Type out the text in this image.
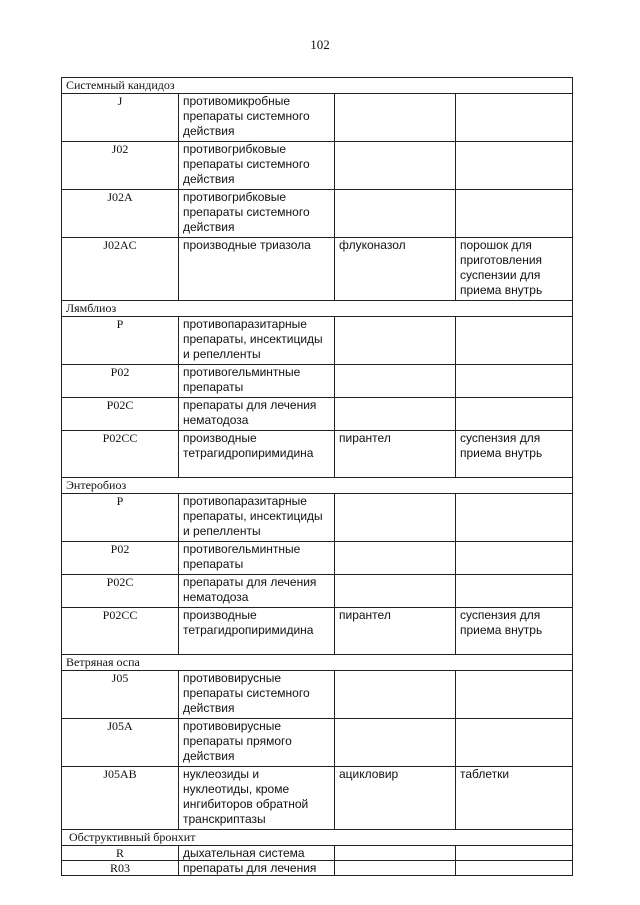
102
Системный кандидоз			
J	противомикробные препараты системного действия		
J02	противогрибковые препараты системного действия		
J02A	противогрибковые препараты системного действия		
J02AC	производные триазола	флуконазол	порошок для приготовления суспензии для приема внутрь
Лямблиоз			
P	противопаразитарные препараты, инсектициды и репелленты		
P02	противогельминтные препараты		
P02C	препараты для лечения нематодоза		
P02CC	производные тетрагидропиримидина	пирантел	суспензия для приема внутрь
Энтеробиоз			
P	противопаразитарные препараты, инсектициды и репелленты		
P02	противогельминтные препараты		
P02C	препараты для лечения нематодоза		
P02CC	производные тетрагидропиримидина	пирантел	суспензия для приема внутрь
Ветряная оспа			
J05	противовирусные препараты системного действия		
J05A	противовирусные препараты прямого действия		
J05AB	нуклеозиды и нуклеотиды, кроме ингибиторов обратной транскриптазы	ацикловир	таблетки
Обструктивный бронхит			
R	дыхательная система		
R03	препараты для лечения		
